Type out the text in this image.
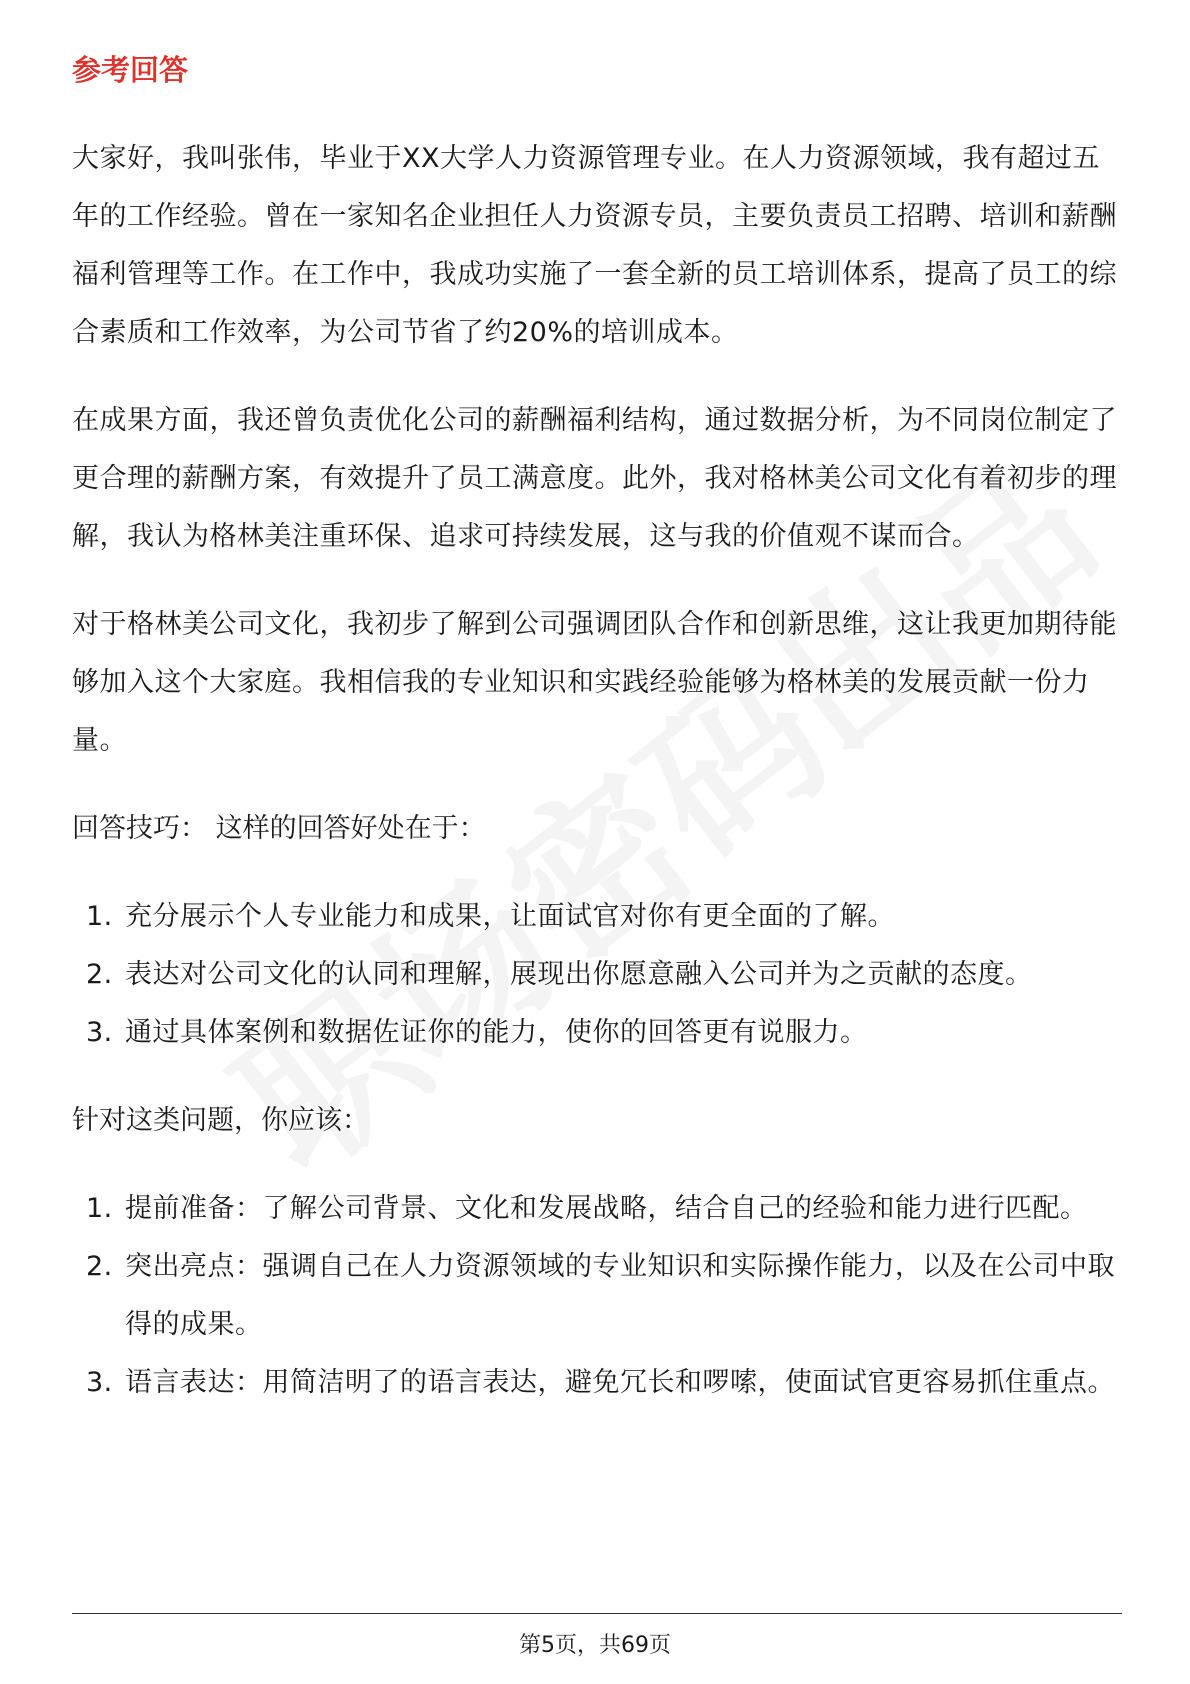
参考回答

大家好，我叫张伟，毕业于XX大学人力资源管理专业。在人力资源领域，我有超过五年的工作经验。曾在一家知名企业担任人力资源专员，主要负责员工招聘、培训和薪酬福利管理等工作。在工作中，我成功实施了一套全新的员工培训体系，提高了员工的综合素质和工作效率，为公司节省了约20%的培训成本。

在成果方面，我还曾负责优化公司的薪酬福利结构，通过数据分析，为不同岗位制定了更合理的薪酬方案，有效提升了员工满意度。此外，我对格林美公司文化有着初步的理解，我认为格林美注重环保、追求可持续发展，这与我的价值观不谋而合。

对于格林美公司文化，我初步了解到公司强调团队合作和创新思维，这让我更加期待能够加入这个大家庭。我相信我的专业知识和实践经验能够为格林美的发展贡献一份力量。

回答技巧： 这样的回答好处在于：

1. 充分展示个人专业能力和成果，让面试官对你有更全面的了解。
2. 表达对公司文化的认同和理解，展现出你愿意融入公司并为之贡献的态度。
3. 通过具体案例和数据佐证你的能力，使你的回答更有说服力。

针对这类问题，你应该：

1. 提前准备：了解公司背景、文化和发展战略，结合自己的经验和能力进行匹配。
2. 突出亮点：强调自己在人力资源领域的专业知识和实际操作能力，以及在公司中取得的成果。
3. 语言表达：用简洁明了的语言表达，避免冗长和啰嗦，使面试官更容易抓住重点。
第5页，共69页
